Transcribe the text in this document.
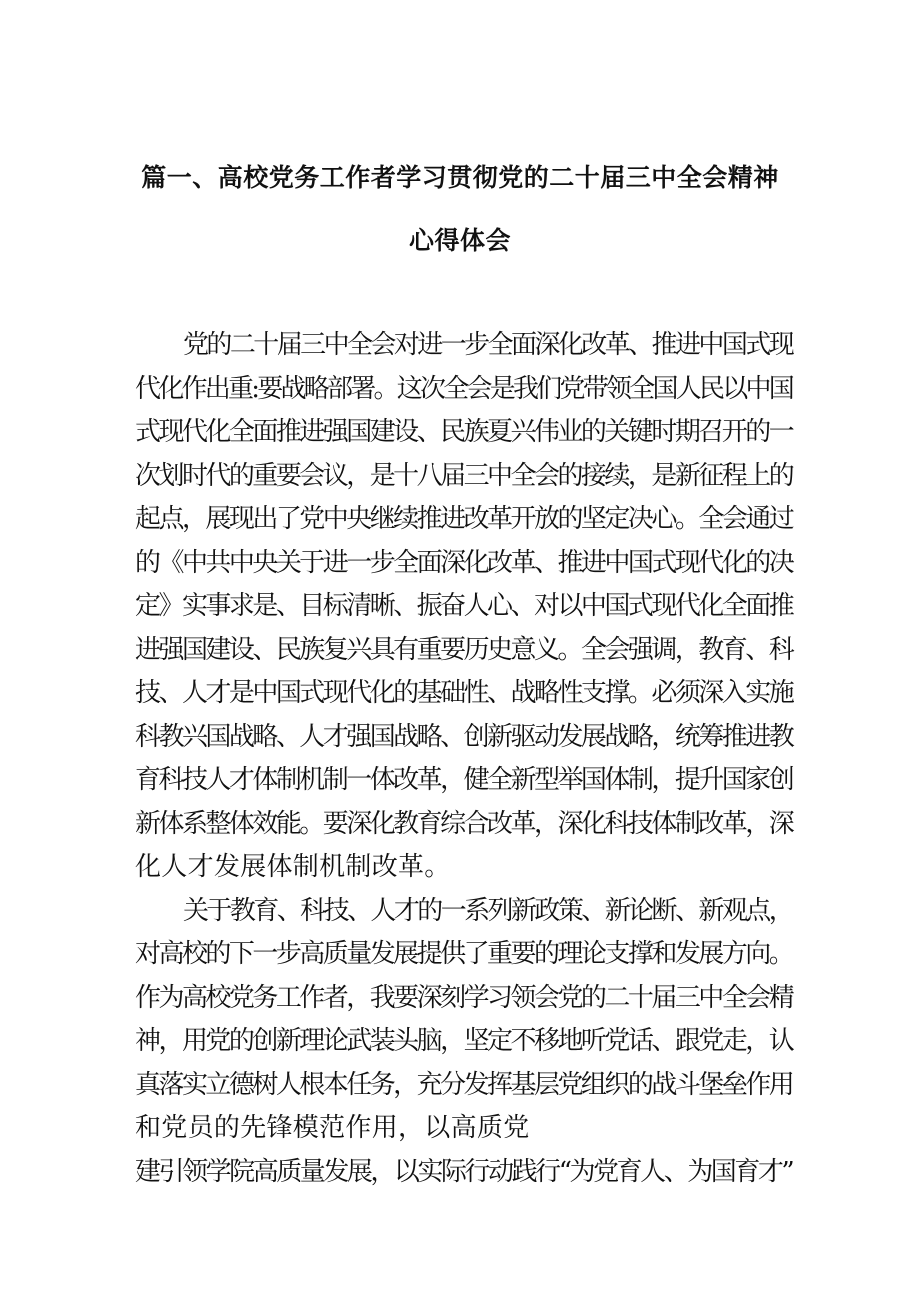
篇一、高校党务工作者学习贯彻党的二十届三中全会精神
心得体会
党的二十届三中全会对进一步全面深化改革、推进中国式现
代化作出重:要战略部署。这次全会是我们党带领全国人民以中国
式现代化全面推进强国建设、民族夏兴伟业的关键时期召开的一
次划时代的重要会议，是十八届三中全会的接续，是新征程上的
起点，展现出了党中央继续推进改革开放的坚定决心。全会通过
的《中共中央关于进一步全面深化改革、推进中国式现代化的决
定》实事求是、目标清晰、振奋人心、对以中国式现代化全面推
进强国建设、民族复兴具有重要历史意义。全会强调，教育、科
技、人才是中国式现代化的基础性、战略性支撑。必须深入实施
科教兴国战略、人才强国战略、创新驱动发展战略，统筹推进教
育科技人才体制机制一体改革，健全新型举国体制，提升国家创
新体系整体效能。要深化教育综合改革，深化科技体制改革，深
化人才发展体制机制改革。
关于教育、科技、人才的一系列新政策、新论断、新观点，
对高校的下一步高质量发展提供了重要的理论支撑和发展方向。
作为高校党务工作者，我要深刻学习领会党的二十届三中全会精
神，用党的创新理论武装头脑，坚定不移地听党话、跟党走，认
真落实立德树人根本任务，充分发挥基层党组织的战斗堡垒作用
和党员的先锋模范作用，以高质党
建引领学院高质量发展，以实际行动践行“为党育人、为国育才”
